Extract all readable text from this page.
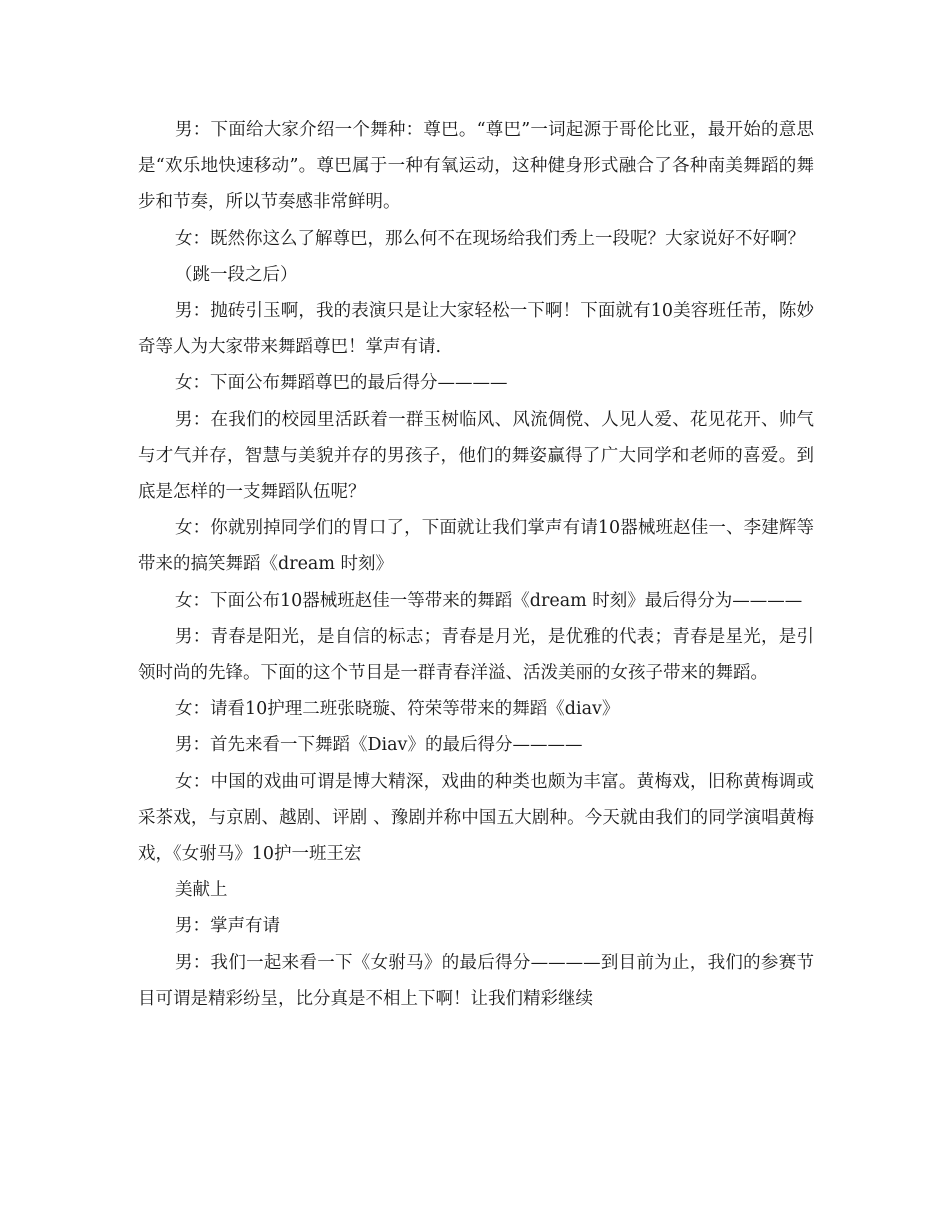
男：下面给大家介绍一个舞种：尊巴。“尊巴”一词起源于哥伦比亚，最开始的意思是“欢乐地快速移动”。尊巴属于一种有氧运动，这种健身形式融合了各种南美舞蹈的舞步和节奏，所以节奏感非常鲜明。

女：既然你这么了解尊巴，那么何不在现场给我们秀上一段呢？大家说好不好啊？

（跳一段之后）

男：抛砖引玉啊，我的表演只是让大家轻松一下啊！下面就有10美容班任芾，陈妙奇等人为大家带来舞蹈尊巴！掌声有请.

女：下面公布舞蹈尊巴的最后得分————

男：在我们的校园里活跃着一群玉树临风、风流倜傥、人见人爱、花见花开、帅气与才气并存，智慧与美貌并存的男孩子，他们的舞姿赢得了广大同学和老师的喜爱。到底是怎样的一支舞蹈队伍呢？

女：你就别掉同学们的胃口了，下面就让我们掌声有请10器械班赵佳一、李建辉等带来的搞笑舞蹈《dream 时刻》

女：下面公布10器械班赵佳一等带来的舞蹈《dream 时刻》最后得分为————

男：青春是阳光，是自信的标志；青春是月光，是优雅的代表；青春是星光，是引领时尚的先锋。下面的这个节目是一群青春洋溢、活泼美丽的女孩子带来的舞蹈。

女：请看10护理二班张晓璇、符荣等带来的舞蹈《diav》

男：首先来看一下舞蹈《Diav》的最后得分————

女：中国的戏曲可谓是博大精深，戏曲的种类也颇为丰富。黄梅戏，旧称黄梅调或采茶戏，与京剧、越剧、评剧 、豫剧并称中国五大剧种。今天就由我们的同学演唱黄梅戏，《女驸马》10护一班王宏

美献上

男：掌声有请

男：我们一起来看一下《女驸马》的最后得分————到目前为止，我们的参赛节目可谓是精彩纷呈，比分真是不相上下啊！让我们精彩继续
